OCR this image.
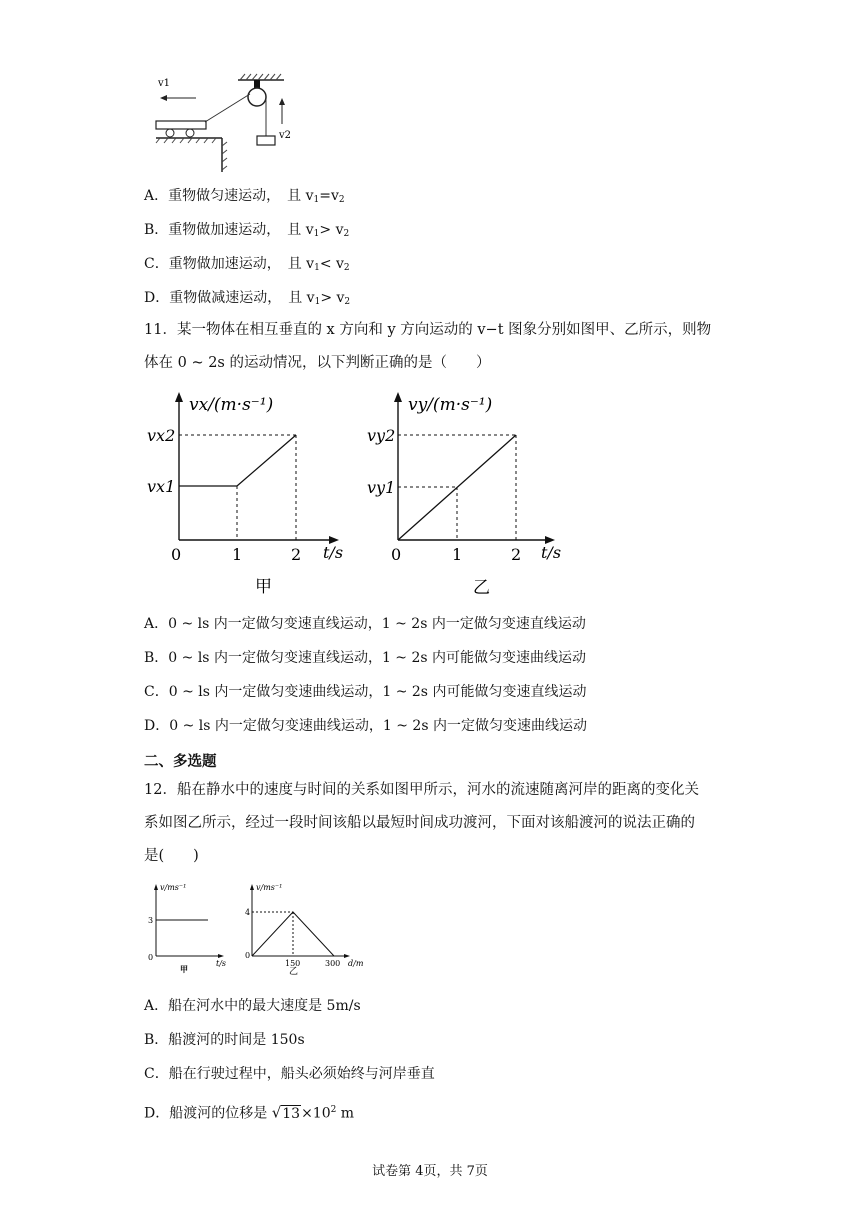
v1
v2
A．重物做匀速运动，　且 $v_1=v_2$
B．重物做加速运动，　且 $v_1> v_2$
C．重物做加速运动，　且 $v_1< v_2$
D．重物做减速运动，　且 $v_1> v_2$
11．某一物体在相互垂直的 x 方向和 y 方向运动的 v−t 图象分别如图甲、乙所示，则物
体在 0 ~ 2s 的运动情况，以下判断正确的是（　　）
vx/(m·s⁻¹)
vx2
vx1
0	1	2 t/s
甲
vy/(m·s⁻¹)
vy2
vy1
0	1	2 t/s
乙
A．0 ~ ls 内一定做匀变速直线运动，1 ~ 2s 内一定做匀变速直线运动
B．0 ~ ls 内一定做匀变速直线运动，1 ~ 2s 内可能做匀变速曲线运动
C．0 ~ ls 内一定做匀变速曲线运动，1 ~ 2s 内可能做匀变速直线运动
D．0 ~ ls 内一定做匀变速曲线运动，1 ~ 2s 内一定做匀变速曲线运动
二、多选题
12．船在静水中的速度与时间的关系如图甲所示，河水的流速随离河岸的距离的变化关
系如图乙所示，经过一段时间该船以最短时间成功渡河，下面对该船渡河的说法正确的
是(　　)
v/ms⁻¹
3
0
t/s
甲
v/ms⁻¹
4
0
150	300 d/m
乙
A．船在河水中的最大速度是 5m/s
B．船渡河的时间是 150s
C．船在行驶过程中，船头必须始终与河岸垂直
D．船渡河的位移是 $√13\times 10^2$ m
试卷第 4页，共 7页
